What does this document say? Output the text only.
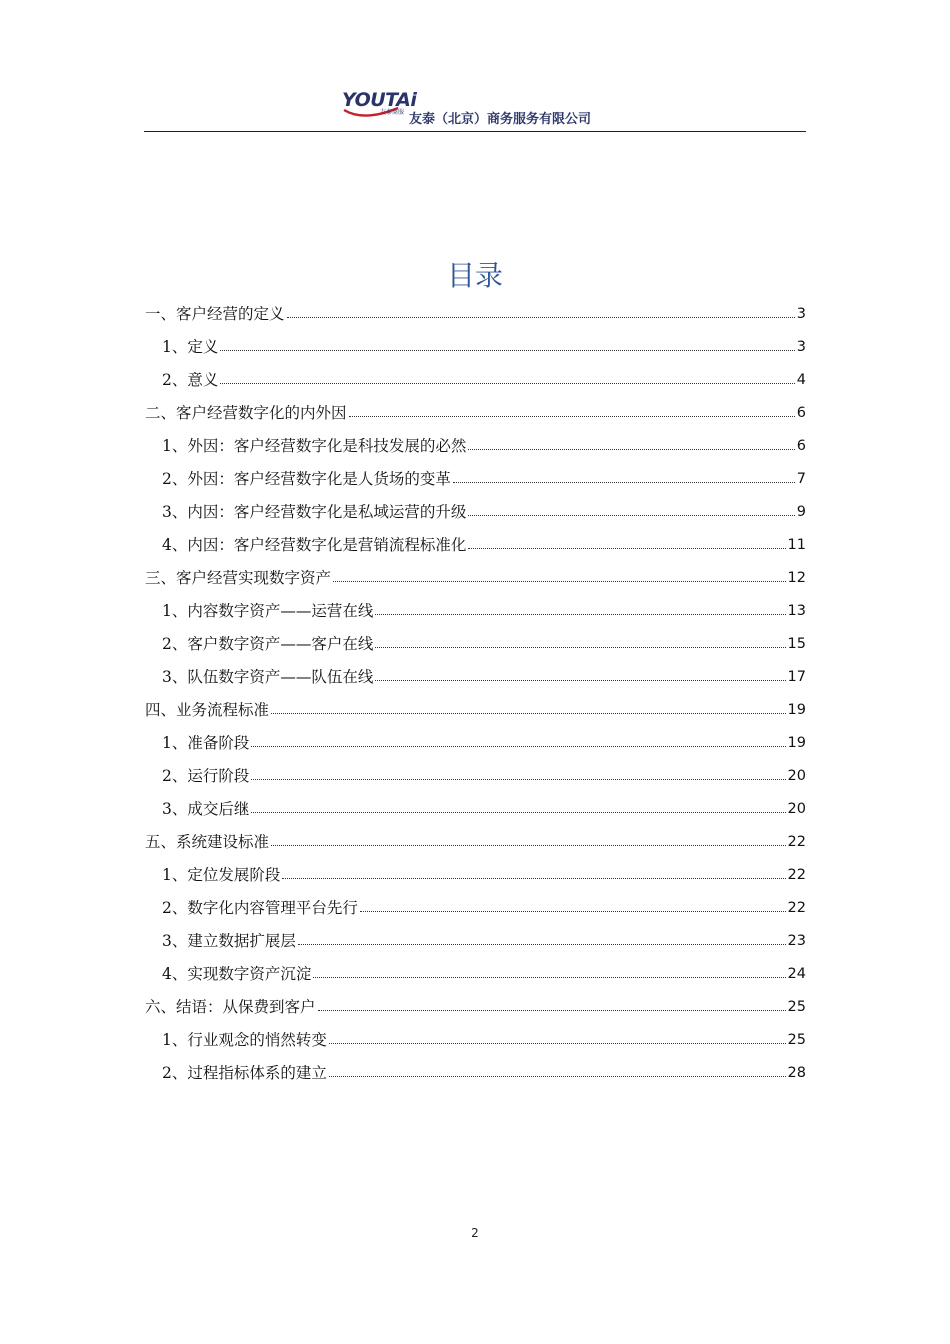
YOUTAi
友泰商服 友泰（北京）商务服务有限公司
目录
一、客户经营的定义	3
1、定义	3
2、意义	4
二、客户经营数字化的内外因	6
1、外因：客户经营数字化是科技发展的必然	6
2、外因：客户经营数字化是人货场的变革	7
3、内因：客户经营数字化是私域运营的升级	9
4、内因：客户经营数字化是营销流程标准化	11
三、客户经营实现数字资产	12
1、内容数字资产——运营在线	13
2、客户数字资产——客户在线	15
3、队伍数字资产——队伍在线	17
四、业务流程标准	19
1、准备阶段	19
2、运行阶段	20
3、成交后继	20
五、系统建设标准	22
1、定位发展阶段	22
2、数字化内容管理平台先行	22
3、建立数据扩展层	23
4、实现数字资产沉淀	24
六、结语：从保费到客户	25
1、行业观念的悄然转变	25
2、过程指标体系的建立	28
2
